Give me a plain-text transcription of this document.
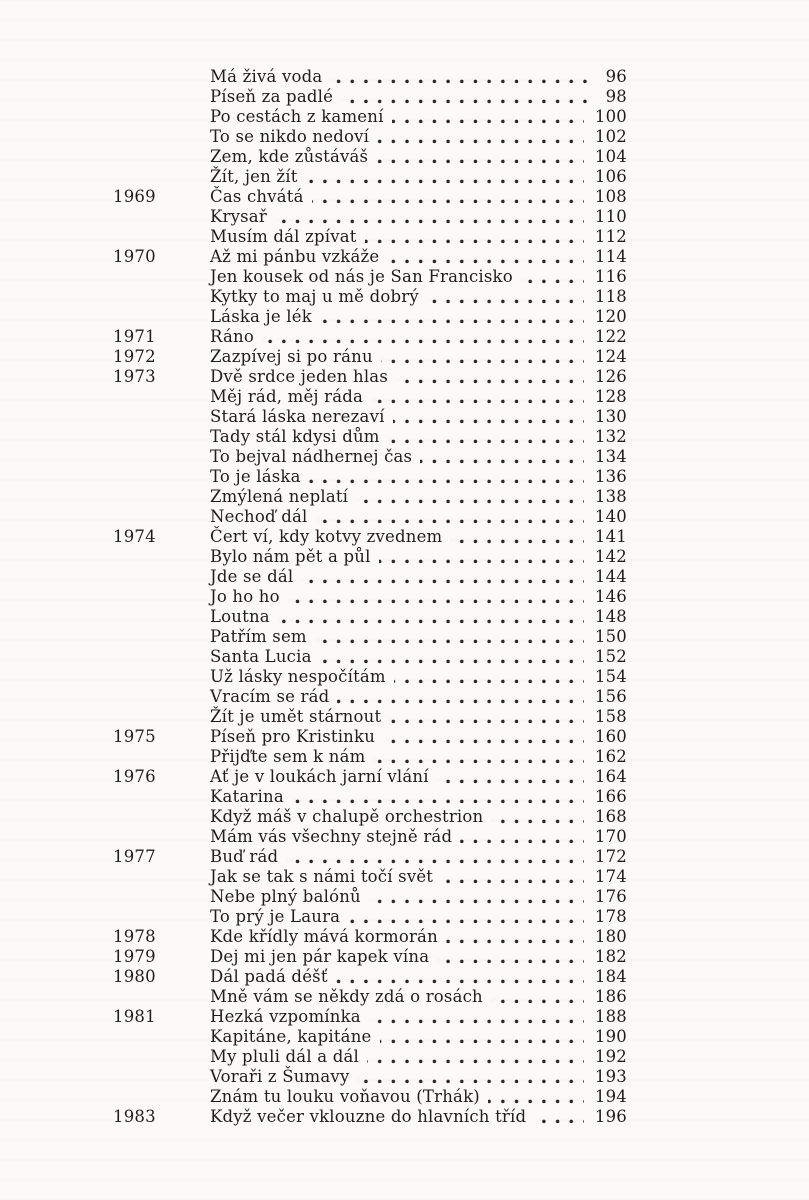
Má živá voda	96
Píseň za padlé	98
Po cestách z kamení	100
To se nikdo nedoví	102
Zem, kde zůstáváš	104
Žít, jen žít	106
1969	Čas chvátá	108
Krysař	110
Musím dál zpívat	112
1970	Až mi pánbu vzkáže	114
Jen kousek od nás je San Francisko	116
Kytky to maj u mě dobrý	118
Láska je lék	120
1971	Ráno	122
1972	Zazpívej si po ránu	124
1973	Dvě srdce jeden hlas	126
Měj rád, měj ráda	128
Stará láska nerezaví	130
Tady stál kdysi dům	132
To bejval nádhernej čas	134
To je láska	136
Zmýlená neplatí	138
Nechoď dál	140
1974	Čert ví, kdy kotvy zvednem	141
Bylo nám pět a půl	142
Jde se dál	144
Jo ho ho	146
Loutna	148
Patřím sem	150
Santa Lucia	152
Už lásky nespočítám	154
Vracím se rád	156
Žít je umět stárnout	158
1975	Píseň pro Kristinku	160
Přijďte sem k nám	162
1976	Ať je v loukách jarní vlání	164
Katarina	166
Když máš v chalupě orchestrion	168
Mám vás všechny stejně rád	170
1977	Buď rád	172
Jak se tak s námi točí svět	174
Nebe plný balónů	176
To prý je Laura	178
1978	Kde křídly mává kormorán	180
1979	Dej mi jen pár kapek vína	182
1980	Dál padá déšť	184
Mně vám se někdy zdá o rosách	186
1981	Hezká vzpomínka	188
Kapitáne, kapitáne	190
My pluli dál a dál	192
Voraři z Šumavy	193
Znám tu louku voňavou (Trhák)	194
1983	Když večer vklouzne do hlavních tříd	196
